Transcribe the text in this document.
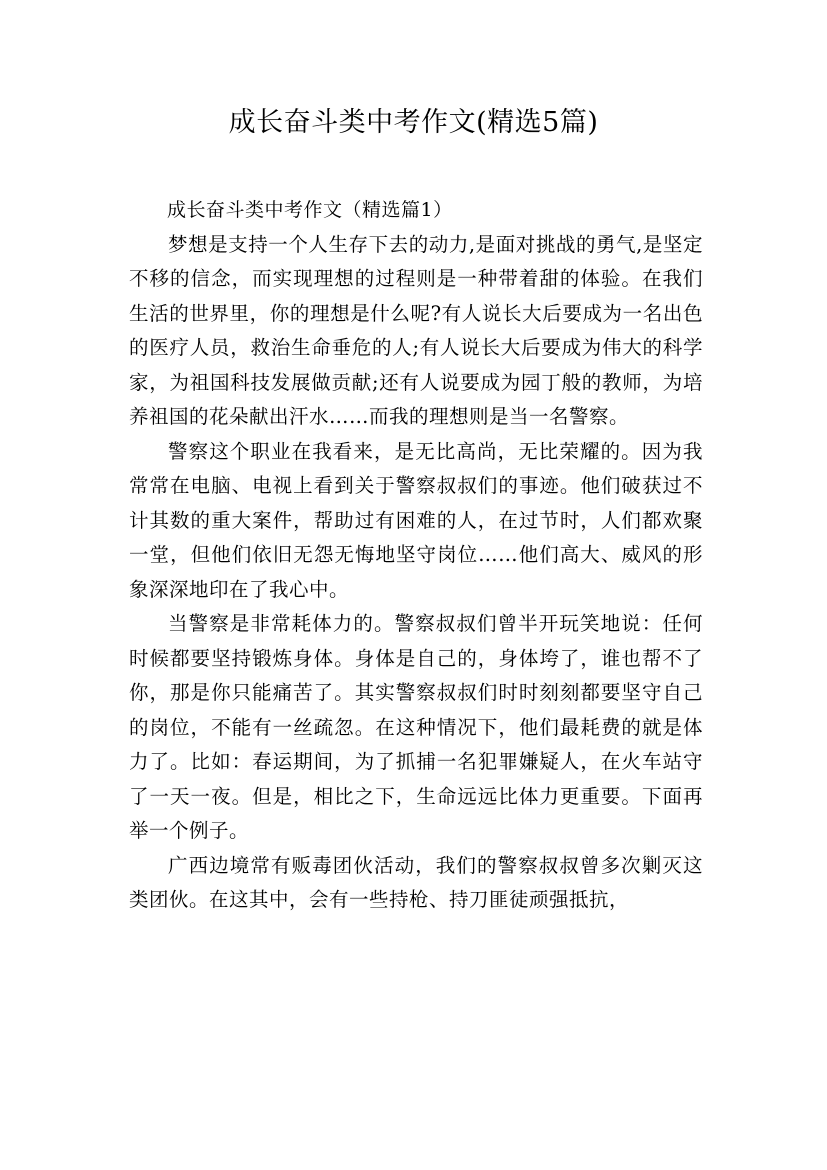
成长奋斗类中考作文(精选5篇)

成长奋斗类中考作文（精选篇1）

梦想是支持一个人生存下去的动力,是面对挑战的勇气,是坚定不移的信念，而实现理想的过程则是一种带着甜的体验。在我们生活的世界里，你的理想是什么呢?有人说长大后要成为一名出色的医疗人员，救治生命垂危的人;有人说长大后要成为伟大的科学家，为祖国科技发展做贡献;还有人说要成为园丁般的教师，为培养祖国的花朵献出汗水……而我的理想则是当一名警察。

警察这个职业在我看来，是无比高尚，无比荣耀的。因为我常常在电脑、电视上看到关于警察叔叔们的事迹。他们破获过不计其数的重大案件，帮助过有困难的人，在过节时，人们都欢聚一堂，但他们依旧无怨无悔地坚守岗位……他们高大、威风的形象深深地印在了我心中。

当警察是非常耗体力的。警察叔叔们曾半开玩笑地说：任何时候都要坚持锻炼身体。身体是自己的，身体垮了，谁也帮不了你，那是你只能痛苦了。其实警察叔叔们时时刻刻都要坚守自己的岗位，不能有一丝疏忽。在这种情况下，他们最耗费的就是体力了。比如：春运期间，为了抓捕一名犯罪嫌疑人，在火车站守了一天一夜。但是，相比之下，生命远远比体力更重要。下面再举一个例子。

广西边境常有贩毒团伙活动，我们的警察叔叔曾多次剿灭这类团伙。在这其中，会有一些持枪、持刀匪徒顽强抵抗，
